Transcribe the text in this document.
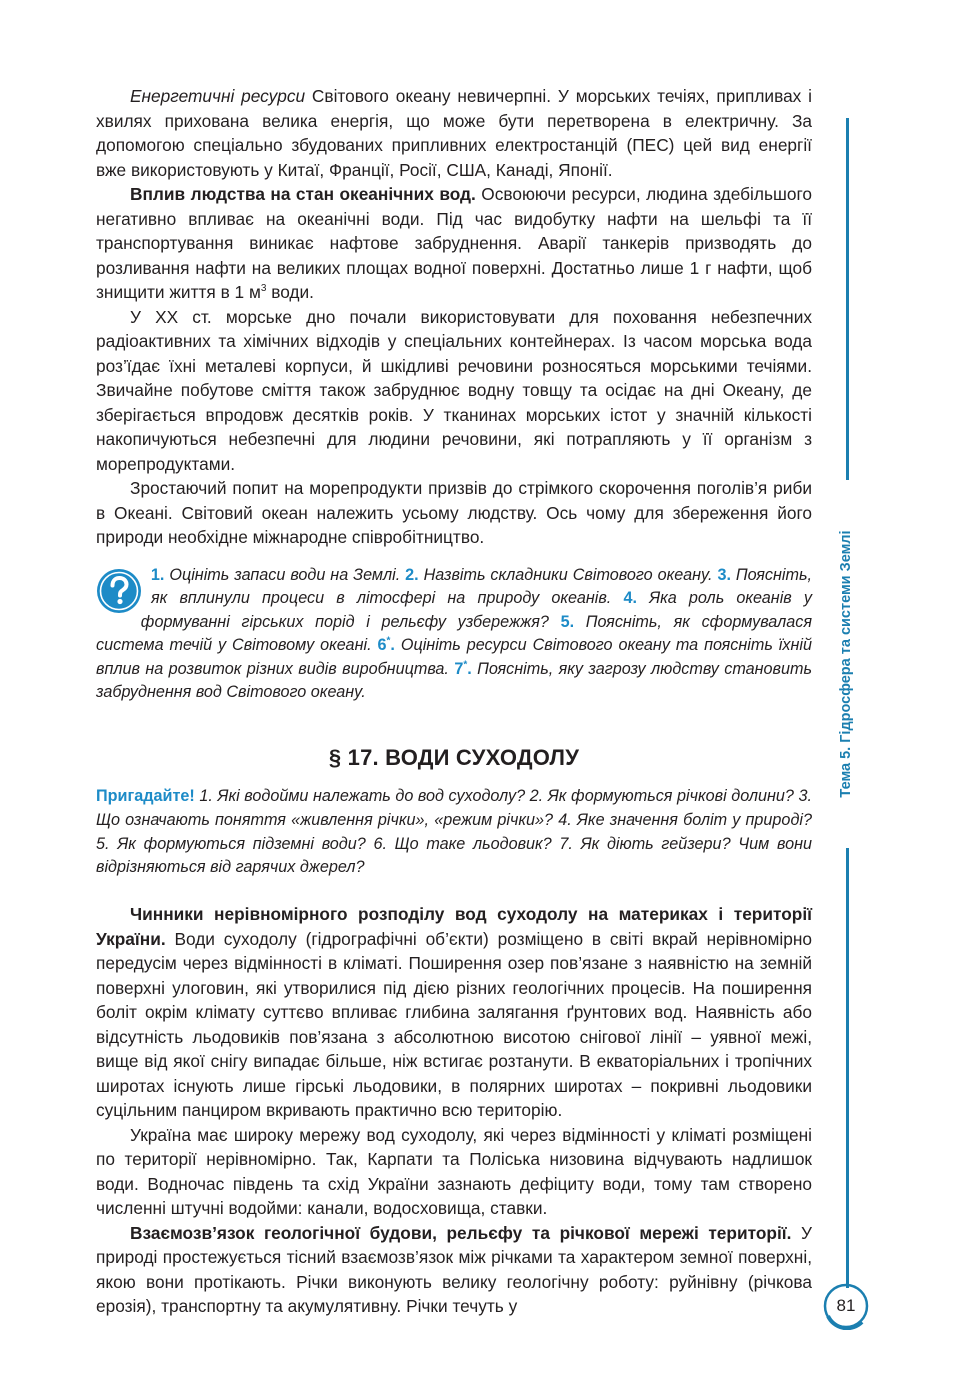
Тема 5. Гідросфера та системи Землі
81

Енергетичні ресурси Світового океану невичерпні. У морських течіях, припливах і хвилях прихована велика енергія, що може бути перетворена в електричну. За допомогою спеціально збудованих припливних електростанцій (ПЕС) цей вид енергії вже використовують у Китаї, Франції, Росії, США, Канаді, Японії.

Вплив людства на стан океанічних вод. Освоюючи ресурси, людина здебільшого негативно впливає на океанічні води. Під час видобутку нафти на шельфі та її транспортування виникає нафтове забруднення. Аварії танкерів призводять до розливання нафти на великих площах водної поверхні. Достатньо лише 1 г нафти, щоб знищити життя в 1 $м^3$ води.

У ХХ ст. морське дно почали використовувати для поховання небезпечних радіоактивних та хімічних відходів у спеціальних контейнерах. Із часом морська вода роз’їдає їхні металеві корпуси, й шкідливі речовини розносяться морськими течіями. Звичайне побутове сміття також забруднює водну товщу та осідає на дні Океану, де зберігається впродовж десятків років. У тканинах морських істот у значній кількості накопичуються небезпечні для людини речовини, які потрапляють у її організм з морепродуктами.

Зростаючий попит на морепродукти призвів до стрімкого скорочення поголів’я риби в Океані. Світовий океан належить усьому людству. Ось чому для збереження його природи необхідне міжнародне співробітництво.

1. Оцініть запаси води на Землі. 2. Назвіть складники Світового океану. 3. Поясніть, як вплинули процеси в літосфері на природу океанів. 4. Яка роль океанів у формуванні гірських порід і рельєфу узбережжя? 5. Поясніть, як сформувалася система течій у Світовому океані. 6*. Оцініть ресурси Світового океану та поясніть їхній вплив на розвиток різних видів виробництва. 7*. Поясніть, яку загрозу людству становить забруднення вод Світового океану.
§ 17. ВОДИ СУХОДОЛУ
Пригадайте! 1. Які водойми належать до вод суходолу? 2. Як формуються річкові долини? 3. Що означають поняття «живлення річки», «режим річки»? 4. Яке значення боліт у природі? 5. Як формуються підземні води? 6. Що таке льодовик? 7. Як діють гейзери? Чим вони відрізняються від гарячих джерел?

Чинники нерівномірного розподілу вод суходолу на материках і території України. Води суходолу (гідрографічні об’єкти) розміщено в світі вкрай нерівномірно передусім через відмінності в кліматі. Поширення озер пов’язане з наявністю на земній поверхні улоговин, які утворилися під дією різних геологічних процесів. На поширення боліт окрім клімату суттєво впливає глибина залягання ґрунтових вод. Наявність або відсутність льодовиків пов’язана з абсолютною висотою снігової лінії – уявної межі, вище від якої снігу випадає більше, ніж встигає розтанути. В екваторіальних і тропічних широтах існують лише гірські льодовики, в полярних широтах – покривні льодовики суцільним панциром вкривають практично всю територію.

Україна має широку мережу вод суходолу, які через відмінності у кліматі розміщені по території нерівномірно. Так, Карпати та Поліська низовина відчувають надлишок води. Водночас південь та схід України зазнають дефіциту води, тому там створено численні штучні водойми: канали, водосховища, ставки.

Взаємозв’язок геологічної будови, рельєфу та річкової мережі території. У природі простежується тісний взаємозв’язок між річками та характером земної поверхні, якою вони протікають. Річки виконують велику геологічну роботу: руйнівну (річкова ерозія), транспортну та акумулятивну. Річки течуть у
